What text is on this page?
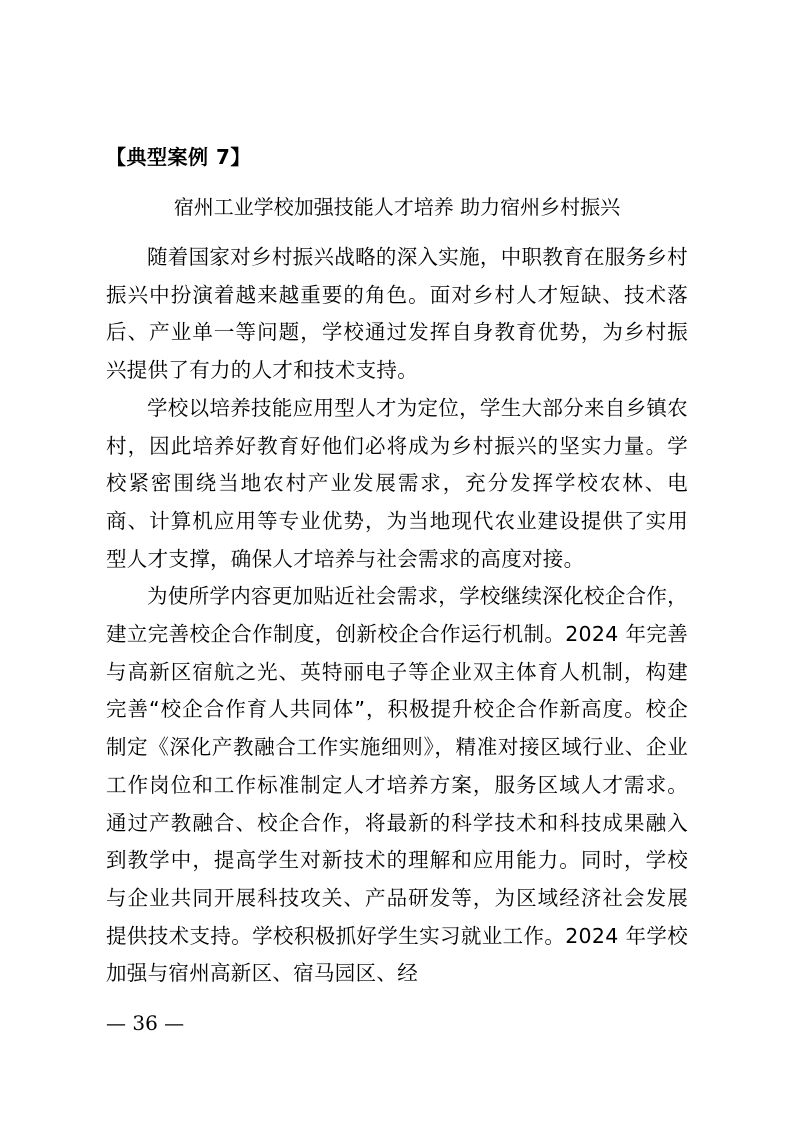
【典型案例 7】
宿州工业学校加强技能人才培养 助力宿州乡村振兴

随着国家对乡村振兴战略的深入实施，中职教育在服务乡村振兴中扮演着越来越重要的角色。面对乡村人才短缺、技术落后、产业单一等问题，学校通过发挥自身教育优势，为乡村振兴提供了有力的人才和技术支持。

学校以培养技能应用型人才为定位，学生大部分来自乡镇农村，因此培养好教育好他们必将成为乡村振兴的坚实力量。学校紧密围绕当地农村产业发展需求，充分发挥学校农林、电商、计算机应用等专业优势，为当地现代农业建设提供了实用型人才支撑，确保人才培养与社会需求的高度对接。

为使所学内容更加贴近社会需求，学校继续深化校企合作，建立完善校企合作制度，创新校企合作运行机制。2024 年完善与高新区宿航之光、英特丽电子等企业双主体育人机制，构建完善“校企合作育人共同体”，积极提升校企合作新高度。校企制定《深化产教融合工作实施细则》，精准对接区域行业、企业工作岗位和工作标准制定人才培养方案，服务区域人才需求。通过产教融合、校企合作，将最新的科学技术和科技成果融入到教学中，提高学生对新技术的理解和应用能力。同时，学校与企业共同开展科技攻关、产品研发等，为区域经济社会发展提供技术支持。学校积极抓好学生实习就业工作。2024 年学校加强与宿州高新区、宿马园区、经

— 36 —
